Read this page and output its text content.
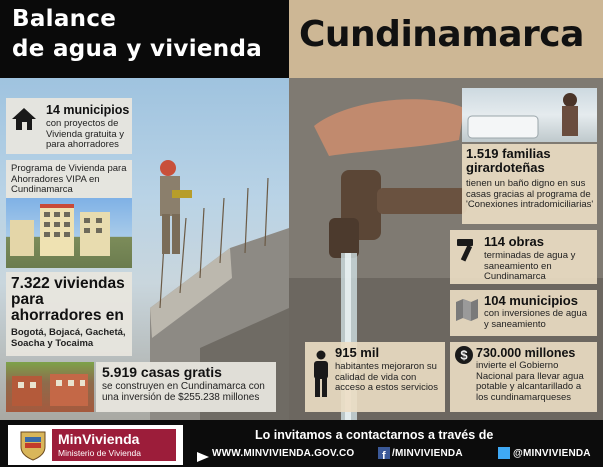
Balance
de agua y vivienda Cundinamarca
14 municipios
con proyectos de Vivienda gratuita y para ahorradores
Programa de Vivienda para Ahorradores VIPA en Cundinamarca
7.322 viviendas para ahorradores en
Bogotá, Bojacá, Gachetá, Soacha y Tocaima
5.919 casas gratis
se construyen en Cundinamarca con una inversión de $255.238 millones
1.519 familias girardoteñas
tienen un baño digno en sus casas gracias al programa de 'Conexiones intradomiciliarias'
114 obras
terminadas de agua y saneamiento en Cundinamarca
104 municipios
con inversiones de agua y saneamiento
915 mil
habitantes mejoraron su calidad de vida con acceso a estos servicios
$ 730.000 millones
invierte el Gobierno Nacional para llevar agua potable y alcantarillado a los cundinamarqueses
Lo invitamos a contactarnos a través de
WWW.MINVIVIENDA.GOV.CO	f /MINVIVIENDA	@MINVIVIENDA
MinVivienda
Ministerio de Vivienda
